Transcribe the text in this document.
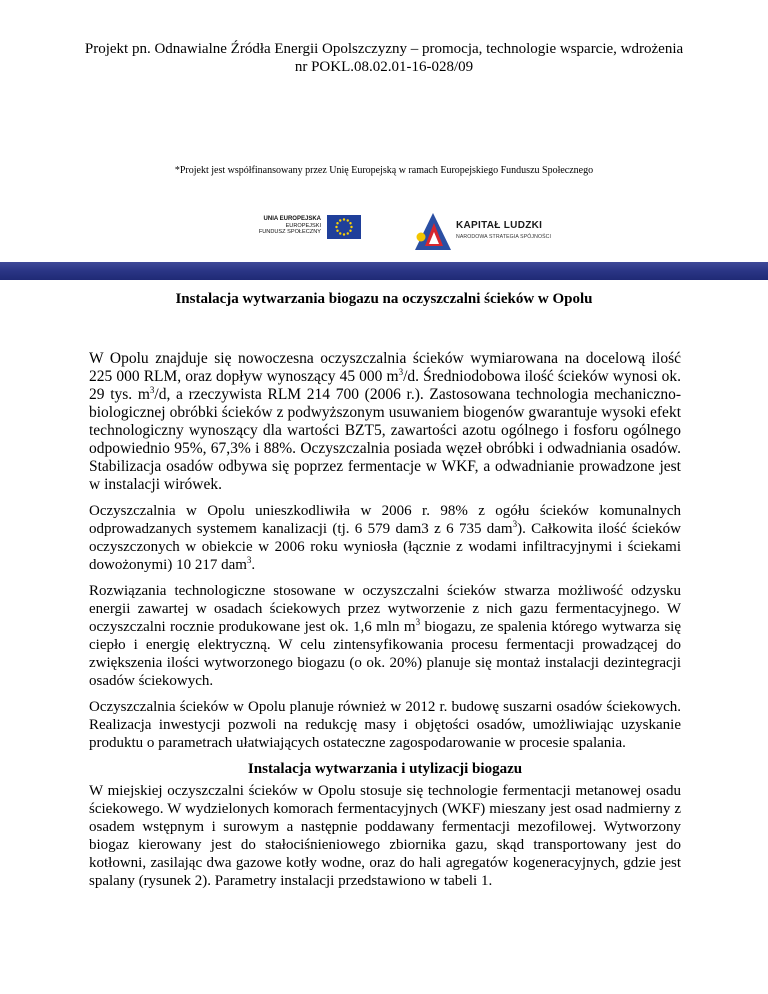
Projekt pn. Odnawialne Źródła Energii Opolszczyzny – promocja, technologie wsparcie, wdrożenia
nr POKL.08.02.01-16-028/09
*Projekt jest współfinansowany przez Unię Europejską w ramach Europejskiego Funduszu Społecznego
UNIA EUROPEJSKA
EUROPEJSKI
FUNDUSZ SPOŁECZNY
KAPITAŁ LUDZKI
NARODOWA STRATEGIA SPÓJNOŚCI
Instalacja wytwarzania biogazu na oczyszczalni ścieków w Opolu

W Opolu znajduje się nowoczesna oczyszczalnia ścieków wymiarowana na docelową ilość 225 000 RLM, oraz dopływ wynoszący 45 000 $m^3/d$. Średniodobowa ilość ścieków wynosi ok. 29 tys. $m^3/d$, a rzeczywista RLM 214 700 (2006 r.). Zastosowana technologia mechaniczno-biologicznej obróbki ścieków z podwyższonym usuwaniem biogenów gwarantuje wysoki efekt technologiczny wynoszący dla wartości BZT5, zawartości azotu ogólnego i fosforu ogólnego odpowiednio 95%, 67,3% i 88%. Oczyszczalnia posiada węzeł obróbki i odwadniania osadów. Stabilizacja osadów odbywa się poprzez fermentacje w WKF, a odwadnianie prowadzone jest w instalacji wirówek.

Oczyszczalnia w Opolu unieszkodliwiła w 2006 r. 98% z ogółu ścieków komunalnych odprowadzanych systemem kanalizacji (tj. 6 579 dam3 z 6 735 dam$^3$). Całkowita ilość ścieków oczyszczonych w obiekcie w 2006 roku wyniosła (łącznie z wodami infiltracyjnymi i ściekami dowożonymi) 10 217 dam$^3$.

Rozwiązania technologiczne stosowane w oczyszczalni ścieków stwarza możliwość odzysku energii zawartej w osadach ściekowych przez wytworzenie z nich gazu fermentacyjnego. W oczyszczalni rocznie produkowane jest ok. 1,6 mln $m^3$ biogazu, ze spalenia którego wytwarza się ciepło i energię elektryczną. W celu zintensyfikowania procesu fermentacji prowadzącej do zwiększenia ilości wytworzonego biogazu (o ok. 20%) planuje się montaż instalacji dezintegracji osadów ściekowych.

Oczyszczalnia ścieków w Opolu planuje również w 2012 r. budowę suszarni osadów ściekowych. Realizacja inwestycji pozwoli na redukcję masy i objętości osadów, umożliwiając uzyskanie produktu o parametrach ułatwiających ostateczne zagospodarowanie w procesie spalania.

Instalacja wytwarzania i utylizacji biogazu

W miejskiej oczyszczalni ścieków w Opolu stosuje się technologie fermentacji metanowej osadu ściekowego. W wydzielonych komorach fermentacyjnych (WKF) mieszany jest osad nadmierny z osadem wstępnym i surowym a następnie poddawany fermentacji mezofilowej. Wytworzony biogaz kierowany jest do stałociśnieniowego zbiornika gazu, skąd transportowany jest do kotłowni, zasilając dwa gazowe kotły wodne, oraz do hali agregatów kogeneracyjnych, gdzie jest spalany (rysunek 2). Parametry instalacji przedstawiono w tabeli 1.
